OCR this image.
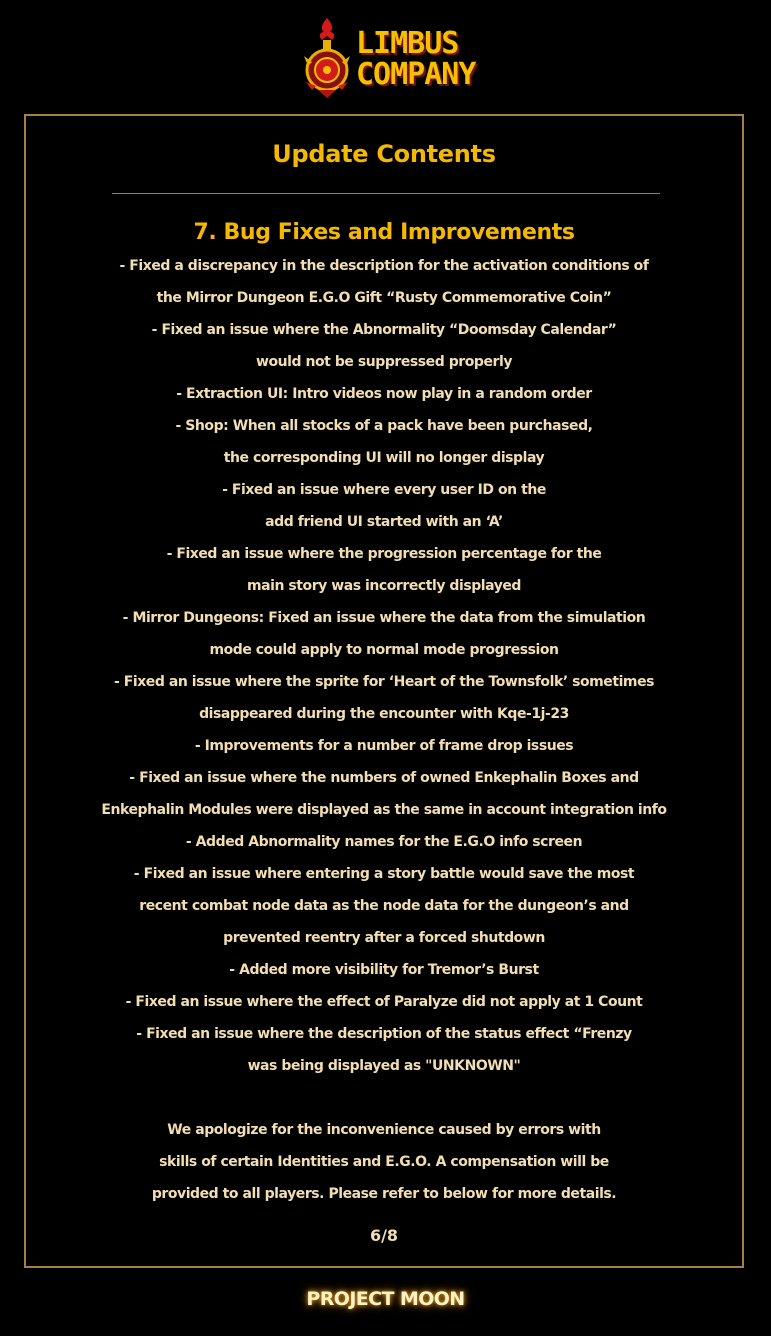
LIMBUS
COMPANY
Update Contents
7. Bug Fixes and Improvements
- Fixed a discrepancy in the description for the activation conditions of
the Mirror Dungeon E.G.O Gift “Rusty Commemorative Coin”
- Fixed an issue where the Abnormality “Doomsday Calendar”
would not be suppressed properly
- Extraction UI: Intro videos now play in a random order
- Shop: When all stocks of a pack have been purchased,
the corresponding UI will no longer display
- Fixed an issue where every user ID on the
add friend UI started with an ‘A’
- Fixed an issue where the progression percentage for the
main story was incorrectly displayed
- Mirror Dungeons: Fixed an issue where the data from the simulation
mode could apply to normal mode progression
- Fixed an issue where the sprite for ‘Heart of the Townsfolk’ sometimes
disappeared during the encounter with Kqe-1j-23
- Improvements for a number of frame drop issues
- Fixed an issue where the numbers of owned Enkephalin Boxes and
Enkephalin Modules were displayed as the same in account integration info
- Added Abnormality names for the E.G.O info screen
- Fixed an issue where entering a story battle would save the most
recent combat node data as the node data for the dungeon’s and
prevented reentry after a forced shutdown
- Added more visibility for Tremor’s Burst
- Fixed an issue where the effect of Paralyze did not apply at 1 Count
- Fixed an issue where the description of the status effect “Frenzy
was being displayed as "UNKNOWN"
We apologize for the inconvenience caused by errors with
skills of certain Identities and E.G.O. A compensation will be
provided to all players. Please refer to below for more details.
6/8
PROJECT MOON
